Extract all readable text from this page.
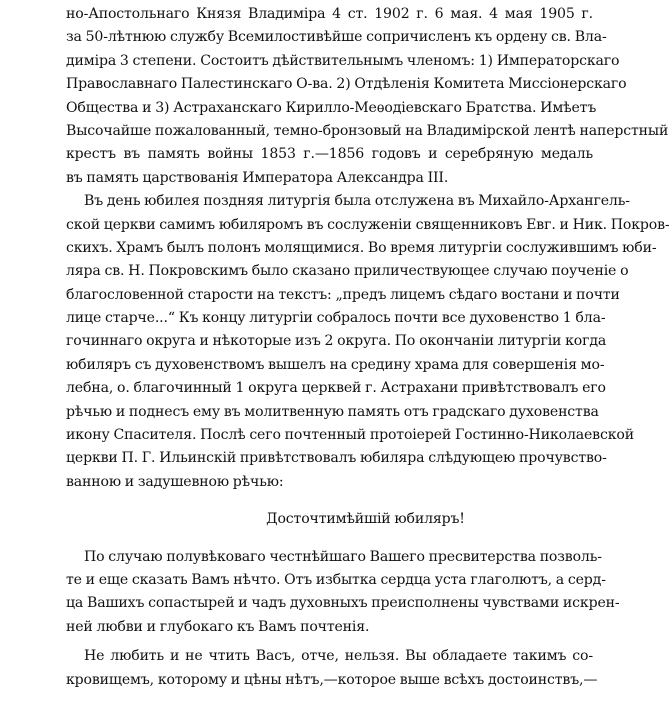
но-Апостольнаго Князя Владиміра 4 ст. 1902 г. 6 мая. 4 мая 1905 г.
за 50-лѣтнюю службу Всемилостивѣйше сопричисленъ къ ордену св. Вла-
диміра 3 степени. Состоитъ дѣйствительнымъ членомъ: 1) Императорскаго
Православнаго Палестинскаго О-ва. 2) Отдѣленія Комитета Миссіонерскаго
Общества и 3) Астраханскаго Кирилло-Меѳодіевскаго Братства. Имѣетъ
Высочайше пожалованный, темно-бронзовый на Владимірской лентѣ наперстный
крестъ въ память войны 1853 г.—1856 годовъ и серебряную медаль
въ память царствованія Императора Александра III.
Въ день юбилея поздняя литургія была отслужена въ Михайло-Архангель-
ской церкви самимъ юбиляромъ въ сослуженіи священниковъ Евг. и Ник. Покров-
скихъ. Храмъ былъ полонъ молящимися. Во время литургіи сослужившимъ юби-
ляра св. Н. Покровскимъ было сказано приличествующее случаю поученіе о
благословенной старости на текстъ: „предъ лицемъ сѣдаго востани и почти
лице старче...“ Къ концу литургіи собралось почти все духовенство 1 бла-
гочиннаго округа и нѣкоторые изъ 2 округа. По окончаніи литургіи когда
юбиляръ съ духовенствомъ вышелъ на средину храма для совершенія мо-
лебна, о. благочинный 1 округа церквей г. Астрахани привѣтствовалъ его
рѣчью и поднесъ ему въ молитвенную память отъ градскаго духовенства
икону Спасителя. Послѣ сего почтенный протоіерей Гостинно-Николаевской
церкви П. Г. Ильинскій привѣтствовалъ юбиляра слѣдующею прочувство-
ванною и задушевною рѣчью:
Досточтимѣйшій юбиляръ!
По случаю полувѣковаго честнѣйшаго Вашего пресвитерства позволь-
те и еще сказать Вамъ нѣчто. Отъ избытка сердца уста глаголютъ, а серд-
ца Вашихъ сопастырей и чадъ духовныхъ преисполнены чувствами искрен-
ней любви и глубокаго къ Вамъ почтенія.
Не любить и не чтить Васъ, отче, нельзя. Вы обладаете такимъ со-
кровищемъ, которому и цѣны нѣтъ,—которое выше всѣхъ достоинствъ,—
